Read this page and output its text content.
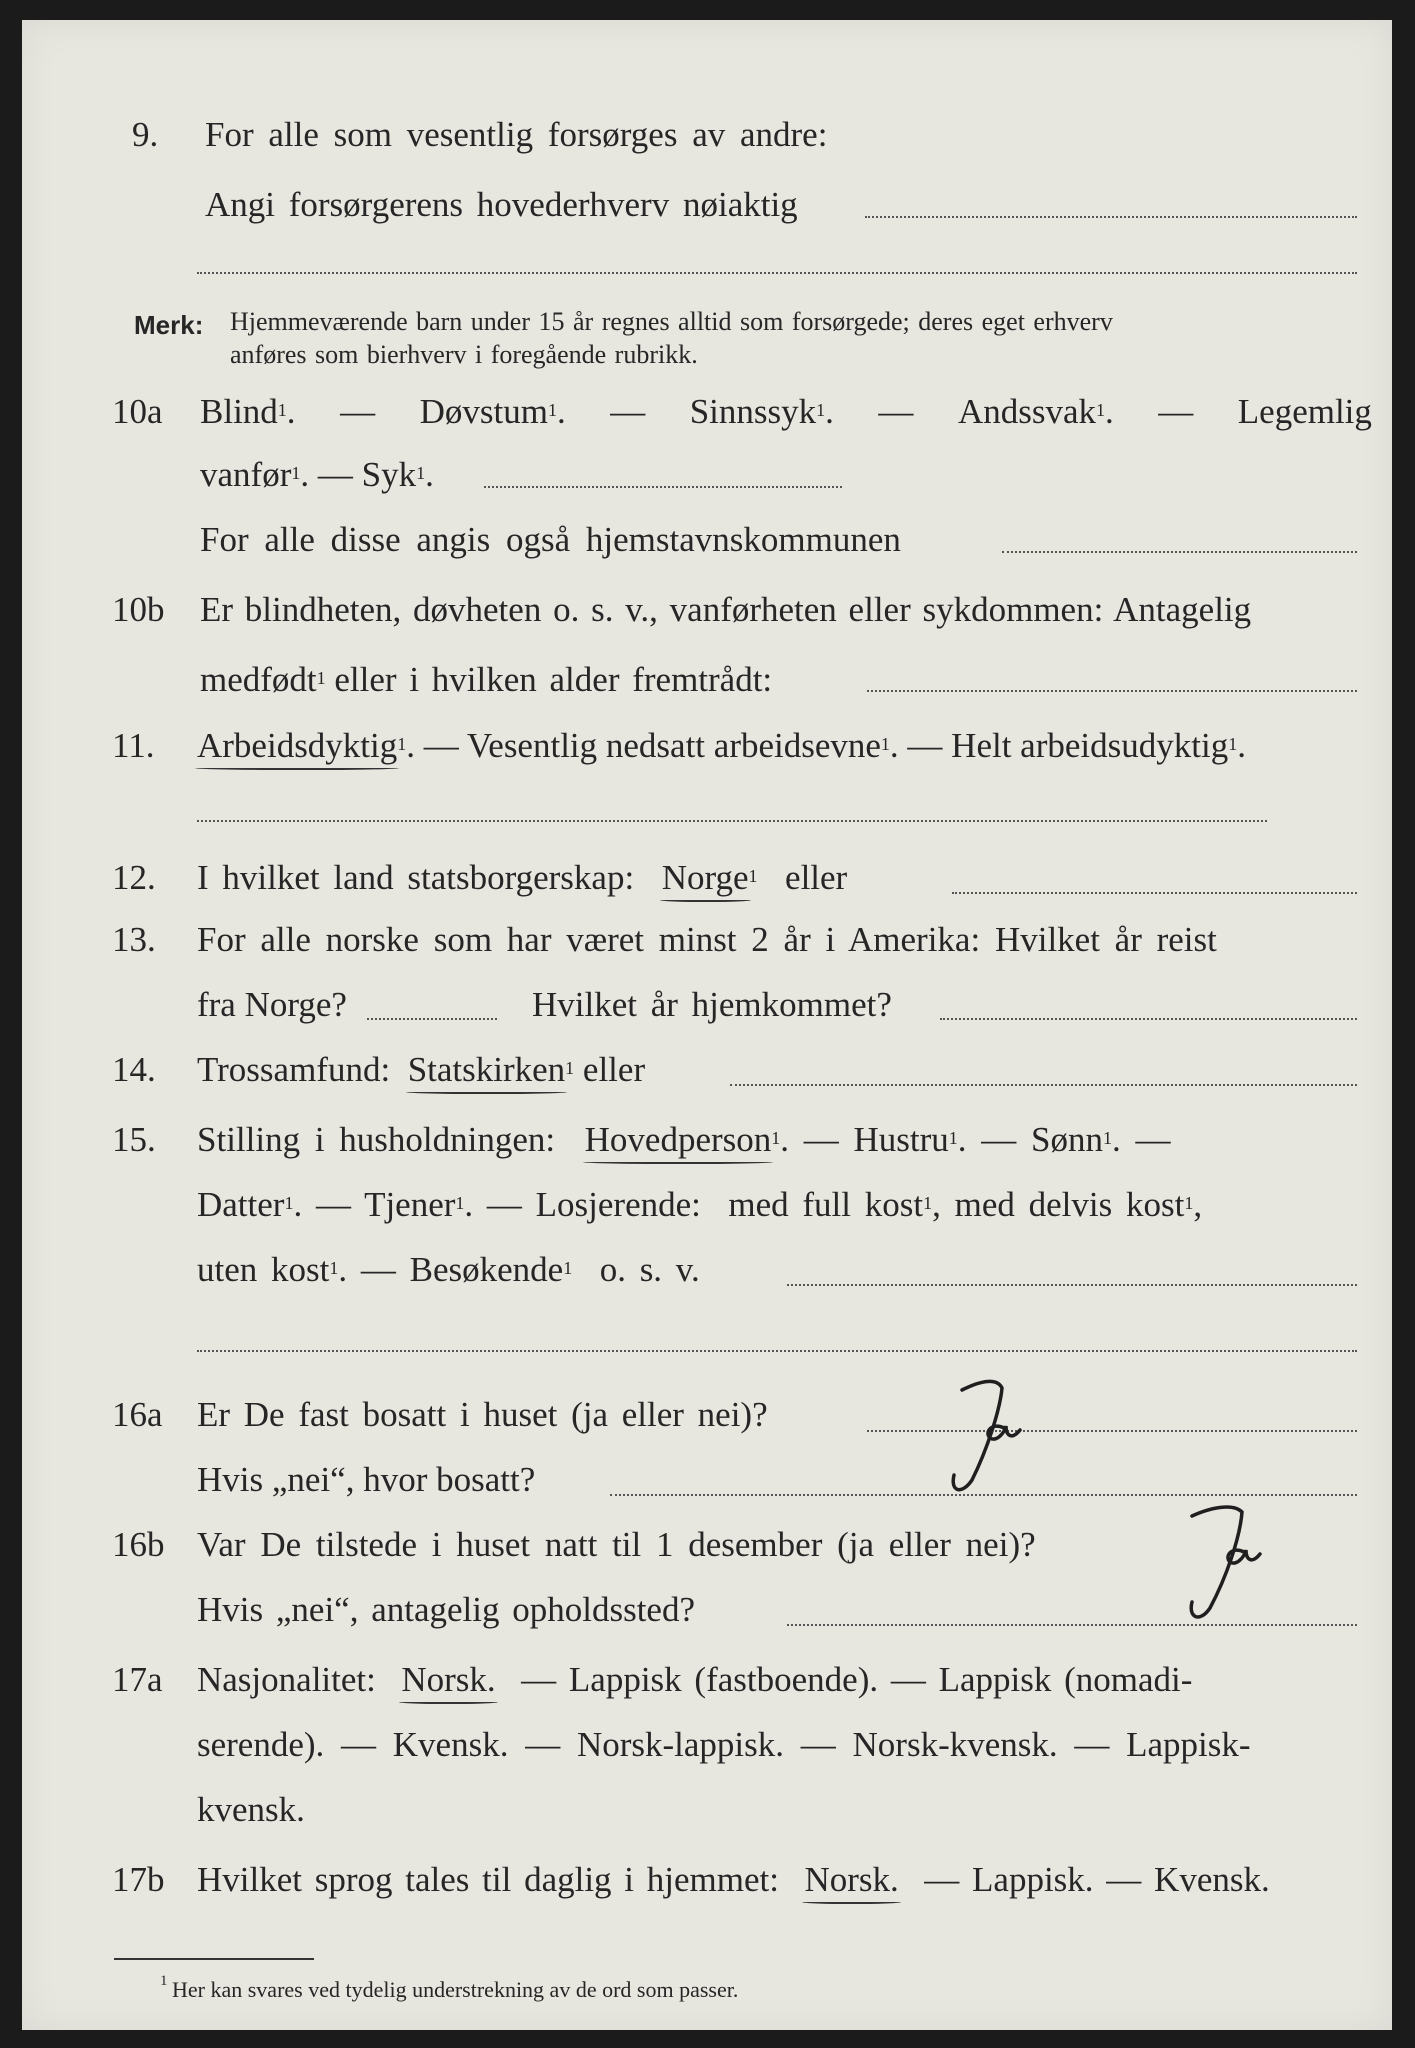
9. For alle som vesentlig forsørges av andre:
Angi forsørgerens hovederhverv nøiaktig
Merk: Hjemmeværende barn under 15 år regnes alltid som forsørgede; deres eget erhverv
anføres som bierhverv i foregående rubrikk.
10a Blind$^1$. — Døvstum$^1$. — Sinnssyk$^1$. — Andssvak$^1$. — Legemlig
vanfør$^1$. — Syk$^1$.
For alle disse angis også hjemstavnskommunen
10b Er blindheten, døvheten o. s. v., vanførheten eller sykdommen: Antagelig
medfødt$^1$ eller i hvilken alder fremtrådt:
11. Arbeidsdyktig$^1$. — Vesentlig nedsatt arbeidsevne$^1$. — Helt arbeidsudyktig$^1$.
12. I hvilket land statsborgerskap: Norge$^1$ eller
13. For alle norske som har været minst 2 år i Amerika: Hvilket år reist
fra Norge?	Hvilket år hjemkommet?
14. Trossamfund: Statskirken$^1$ eller
15. Stilling i husholdningen: Hovedperson$^1$. — Hustru$^1$. — Sønn$^1$. —
Datter$^1$. — Tjener$^1$. — Losjerende: med full kost$^1$, med delvis kost$^1$,
uten kost$^1$. — Besøkende$^1$ o. s. v.
16a Er De fast bosatt i huset (ja eller nei)?
Hvis „nei“, hvor bosatt?
16b Var De tilstede i huset natt til 1 desember (ja eller nei)?
Hvis „nei“, antagelig opholdssted?
17a Nasjonalitet: Norsk. — Lappisk (fastboende). — Lappisk (nomadi-
serende). — Kvensk. — Norsk-lappisk. — Norsk-kvensk. — Lappisk-
kvensk.
17b Hvilket sprog tales til daglig i hjemmet: Norsk. — Lappisk. — Kvensk.
1 Her kan svares ved tydelig understrekning av de ord som passer.
